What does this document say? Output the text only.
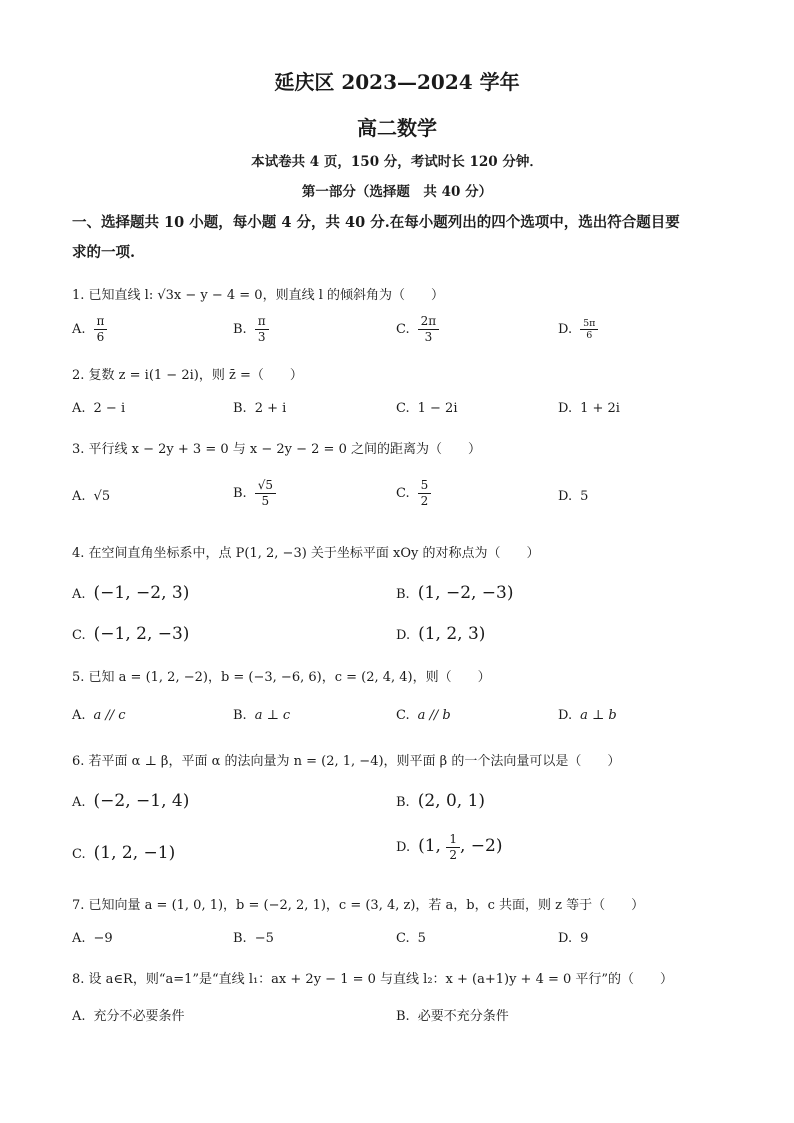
延庆区 2023—2024 学年
高二数学
本试卷共 4 页，150 分，考试时长 120 分钟．
第一部分（选择题　共 40 分）
一、选择题共 10 小题，每小题 4 分，共 40 分.在每小题列出的四个选项中，选出符合题目要
求的一项.
1. 已知直线 l: √3x − y − 4 = 0，则直线 l 的倾斜角为（　　）
A. $\frac{\pi}{6}$	B. $\frac{\pi}{3}$	C. $\frac{2\pi}{3}$	D. $\frac{5\pi}{6}$
2. 复数 z = i(1 − 2i)，则 z̄ =（　　）
A. 2 − i	B. 2 + i	C. 1 − 2i	D. 1 + 2i
3. 平行线 x − 2y + 3 = 0 与 x − 2y − 2 = 0 之间的距离为（　　）
A. √5	B. $\frac{√5}{5}$	C. $\frac{5}{2}$	D. 5
4. 在空间直角坐标系中，点 P(1, 2, −3) 关于坐标平面 xOy 的对称点为（　　）
A. (−1, −2, 3)	B. (1, −2, −3)
C. (−1, 2, −3)	D. (1, 2, 3)
5. 已知 a = (1, 2, −2)，b = (−3, −6, 6)，c = (2, 4, 4)，则（　　）
A. a // c	B. a ⊥ c	C. a // b	D. a ⊥ b
6. 若平面 α ⊥ β，平面 α 的法向量为 n = (2, 1, −4)，则平面 β 的一个法向量可以是（　　）
A. (−2, −1, 4)	B. (2, 0, 1)
C. (1, 2, −1)	D. (1, $\frac{1}{2}$ , −2)
7. 已知向量 a = (1, 0, 1)，b = (−2, 2, 1)，c = (3, 4, z)，若 a，b，c 共面，则 z 等于（　　）
A. −9	B. −5	C. 5	D. 9
8. 设 a∈R，则“a=1”是“直线 l₁：ax + 2y − 1 = 0 与直线 l₂：x + (a+1)y + 4 = 0 平行”的（　　）
A. 充分不必要条件	B. 必要不充分条件
